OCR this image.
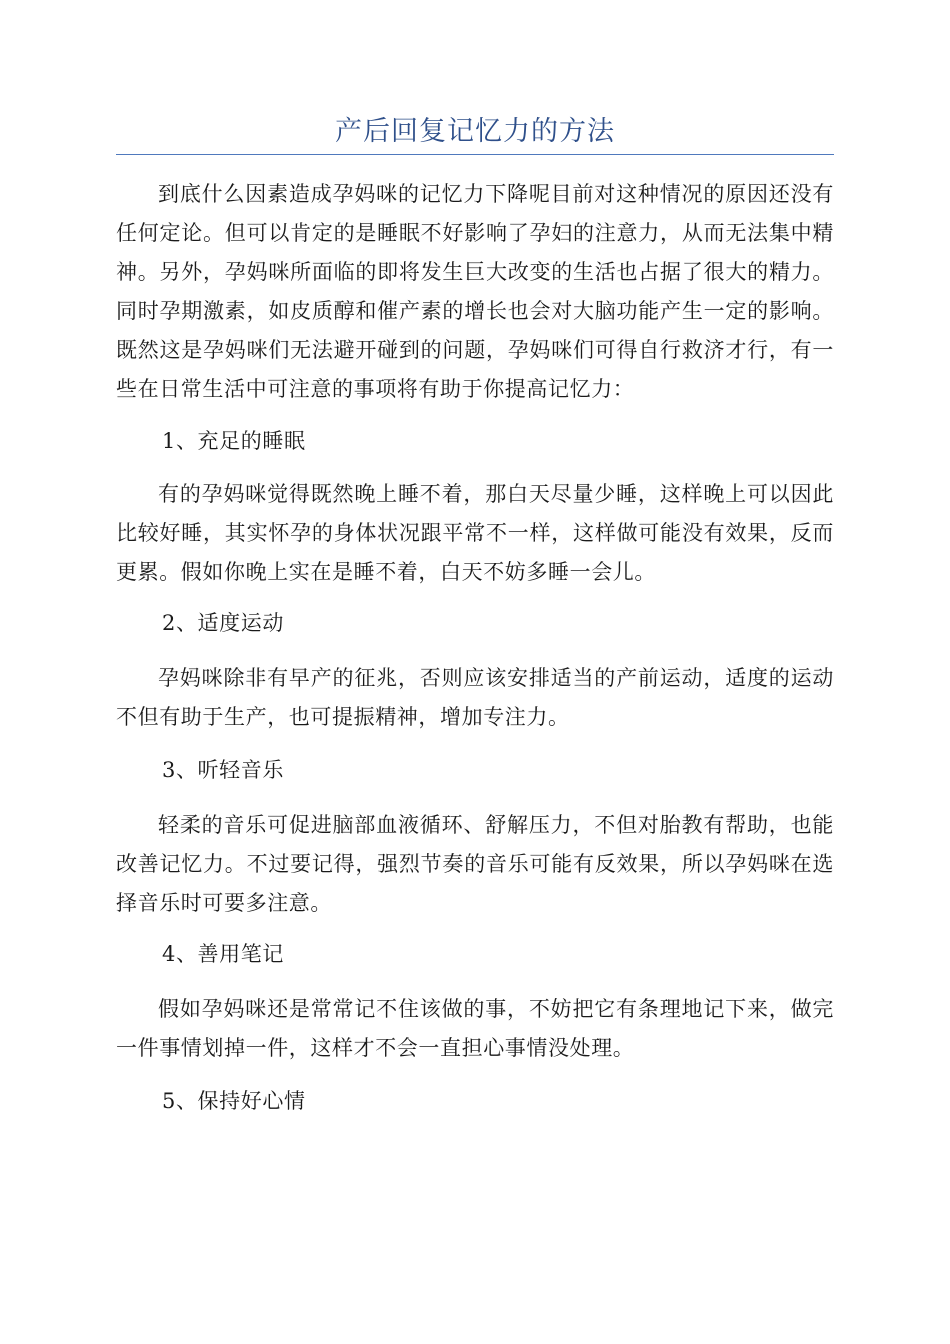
产后回复记忆力的方法

到底什么因素造成孕妈咪的记忆力下降呢目前对这种情况的原因还没有任何定论。但可以肯定的是睡眠不好影响了孕妇的注意力，从而无法集中精神。另外，孕妈咪所面临的即将发生巨大改变的生活也占据了很大的精力。同时孕期激素，如皮质醇和催产素的增长也会对大脑功能产生一定的影响。既然这是孕妈咪们无法避开碰到的问题，孕妈咪们可得自行救济才行，有一些在日常生活中可注意的事项将有助于你提高记忆力：

1、充足的睡眠

有的孕妈咪觉得既然晚上睡不着，那白天尽量少睡，这样晚上可以因此比较好睡，其实怀孕的身体状况跟平常不一样，这样做可能没有效果，反而更累。假如你晚上实在是睡不着，白天不妨多睡一会儿。

2、适度运动

孕妈咪除非有早产的征兆，否则应该安排适当的产前运动，适度的运动不但有助于生产，也可提振精神，增加专注力。

3、听轻音乐

轻柔的音乐可促进脑部血液循环、舒解压力，不但对胎教有帮助，也能改善记忆力。不过要记得，强烈节奏的音乐可能有反效果，所以孕妈咪在选择音乐时可要多注意。

4、善用笔记

假如孕妈咪还是常常记不住该做的事，不妨把它有条理地记下来，做完一件事情划掉一件，这样才不会一直担心事情没处理。

5、保持好心情
